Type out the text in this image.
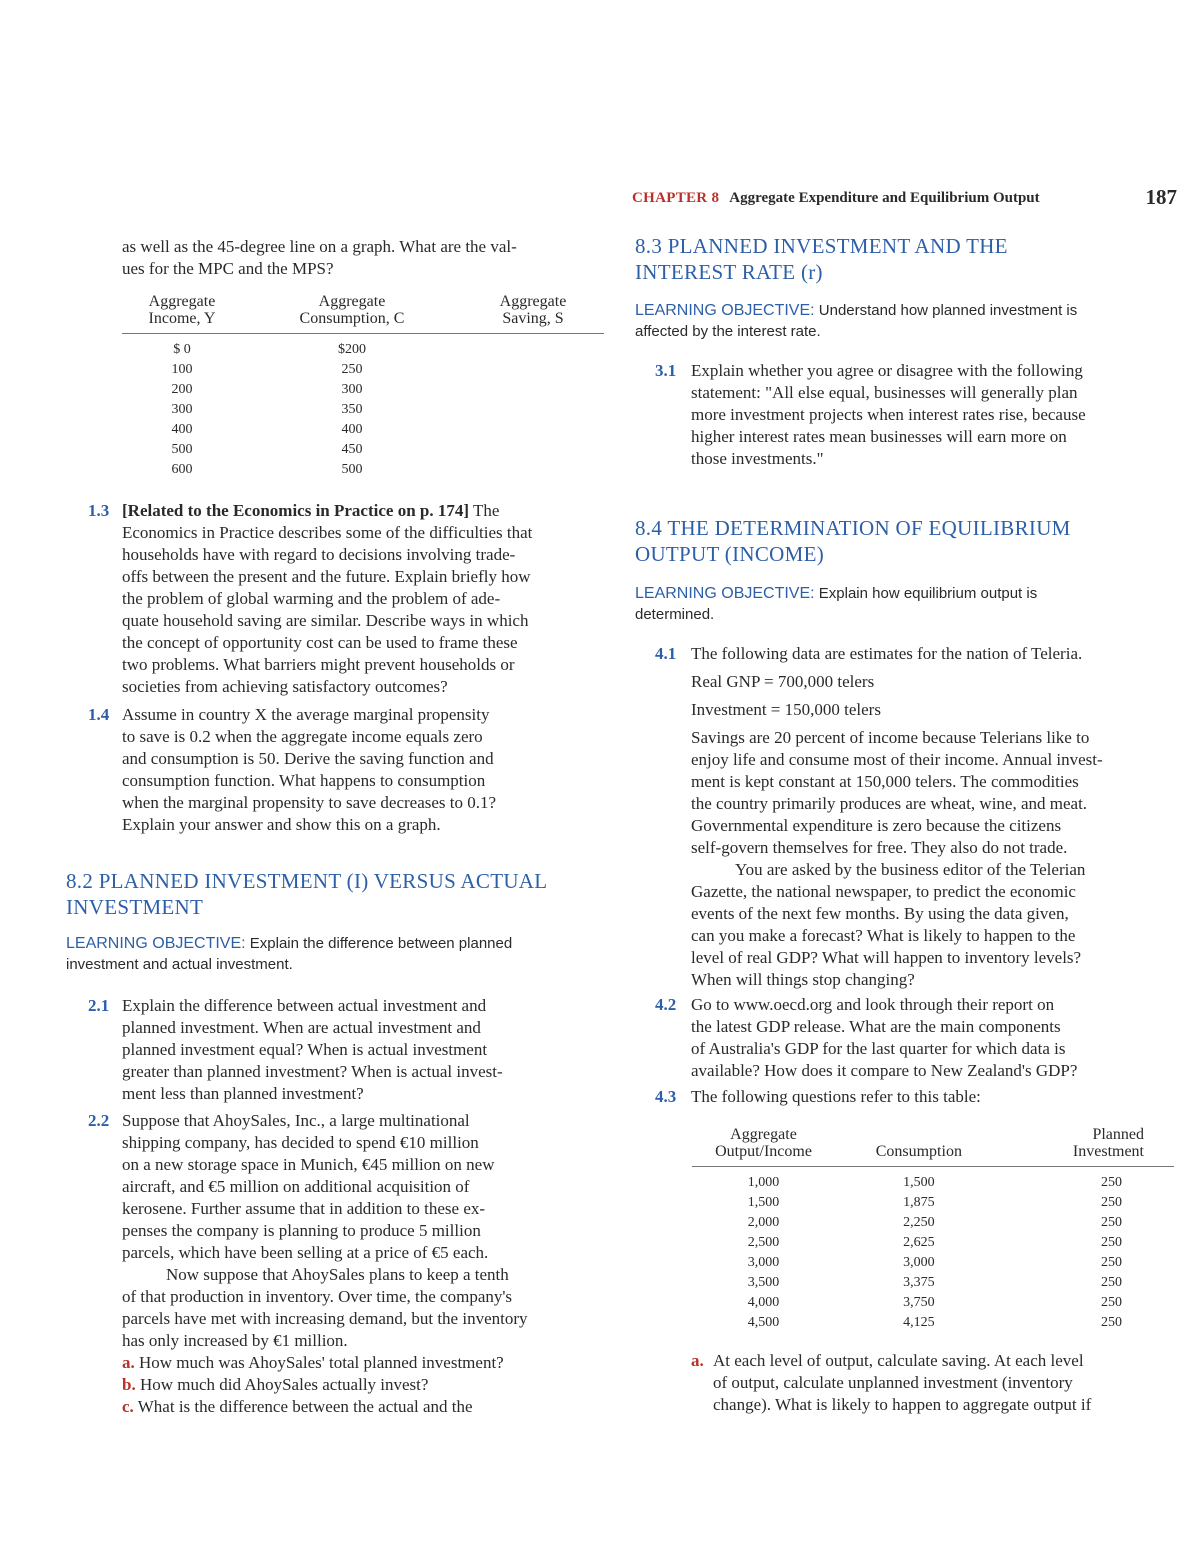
CHAPTER 8 Aggregate Expenditure and Equilibrium Output	187

as well as the 45-degree line on a graph. What are the val-

ues for the MPC and the MPS?

Aggregate
Income, Y	Aggregate
Consumption, C	Aggregate
Saving, S

$ 0	$200	
100	250	
200	300	
300	350	
400	400	
500	450	
600	500	
1.3 [Related to the Economics in Practice on p. 174] The

Economics in Practice describes some of the difficulties that

households have with regard to decisions involving trade-

offs between the present and the future. Explain briefly how

the problem of global warming and the problem of ade-

quate household saving are similar. Describe ways in which

the concept of opportunity cost can be used to frame these

two problems. What barriers might prevent households or

societies from achieving satisfactory outcomes?

1.4 Assume in country X the average marginal propensity

to save is 0.2 when the aggregate income equals zero

and consumption is 50. Derive the saving function and

consumption function. What happens to consumption

when the marginal propensity to save decreases to 0.1?

Explain your answer and show this on a graph.

8.2 PLANNED INVESTMENT (I) VERSUS ACTUAL

INVESTMENT

LEARNING OBJECTIVE: Explain the difference between planned
investment and actual investment.
2.1 Explain the difference between actual investment and

planned investment. When are actual investment and

planned investment equal? When is actual investment

greater than planned investment? When is actual invest-

ment less than planned investment?

2.2 Suppose that AhoySales, Inc., a large multinational

shipping company, has decided to spend €10 million

on a new storage space in Munich, €45 million on new

aircraft, and €5 million on additional acquisition of

kerosene. Further assume that in addition to these ex-

penses the company is planning to produce 5 million

parcels, which have been selling at a price of €5 each.

Now suppose that AhoySales plans to keep a tenth

of that production in inventory. Over time, the company's

parcels have met with increasing demand, but the inventory

has only increased by €1 million.

a. How much was AhoySales' total planned investment?

b. How much did AhoySales actually invest?

c. What is the difference between the actual and the

8.3 PLANNED INVESTMENT AND THE

INTEREST RATE (r)

LEARNING OBJECTIVE: Understand how planned investment is
affected by the interest rate.
3.1 Explain whether you agree or disagree with the following

statement: "All else equal, businesses will generally plan

more investment projects when interest rates rise, because

higher interest rates mean businesses will earn more on

those investments."

8.4 THE DETERMINATION OF EQUILIBRIUM

OUTPUT (INCOME)

LEARNING OBJECTIVE: Explain how equilibrium output is
determined.
4.1 The following data are estimates for the nation of Teleria.

Real GNP = 700,000 telers

Investment = 150,000 telers

Savings are 20 percent of income because Telerians like to

enjoy life and consume most of their income. Annual invest-

ment is kept constant at 150,000 telers. The commodities

the country primarily produces are wheat, wine, and meat.

Governmental expenditure is zero because the citizens

self-govern themselves for free. They also do not trade.

You are asked by the business editor of the Telerian

Gazette, the national newspaper, to predict the economic

events of the next few months. By using the data given,

can you make a forecast? What is likely to happen to the

level of real GDP? What will happen to inventory levels?

When will things stop changing?

4.2 Go to www.oecd.org and look through their report on

the latest GDP release. What are the main components

of Australia's GDP for the last quarter for which data is

available? How does it compare to New Zealand's GDP?

4.3 The following questions refer to this table:

Aggregate
Output/Income	Consumption	Planned
Investment

1,000	1,500	250
1,500	1,875	250
2,000	2,250	250
2,500	2,625	250
3,000	3,000	250
3,500	3,375	250
4,000	3,750	250
4,500	4,125	250
a. At each level of output, calculate saving. At each level

of output, calculate unplanned investment (inventory

change). What is likely to happen to aggregate output if
